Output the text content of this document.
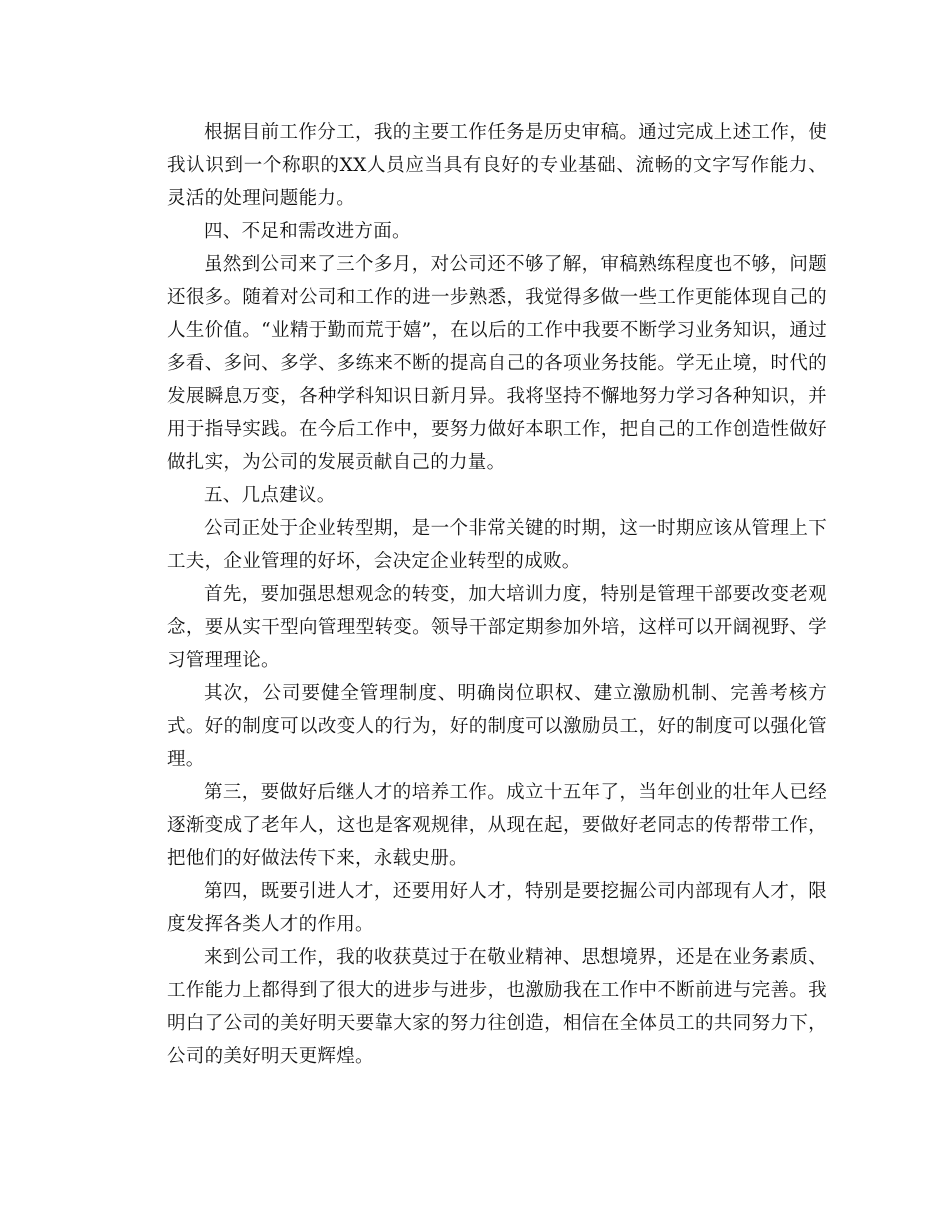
根据目前工作分工，我的主要工作任务是历史审稿。通过完成上述工作，使我认识到一个称职的XX人员应当具有良好的专业基础、流畅的文字写作能力、灵活的处理问题能力。

四、不足和需改进方面。

虽然到公司来了三个多月，对公司还不够了解，审稿熟练程度也不够，问题还很多。随着对公司和工作的进一步熟悉，我觉得多做一些工作更能体现自己的人生价值。“业精于勤而荒于嬉”，在以后的工作中我要不断学习业务知识，通过多看、多问、多学、多练来不断的提高自己的各项业务技能。学无止境，时代的发展瞬息万变，各种学科知识日新月异。我将坚持不懈地努力学习各种知识，并用于指导实践。在今后工作中，要努力做好本职工作，把自己的工作创造性做好做扎实，为公司的发展贡献自己的力量。

五、几点建议。

公司正处于企业转型期，是一个非常关键的时期，这一时期应该从管理上下工夫，企业管理的好坏，会决定企业转型的成败。

首先，要加强思想观念的转变，加大培训力度，特别是管理干部要改变老观念，要从实干型向管理型转变。领导干部定期参加外培，这样可以开阔视野、学习管理理论。

其次，公司要健全管理制度、明确岗位职权、建立激励机制、完善考核方式。好的制度可以改变人的行为，好的制度可以激励员工，好的制度可以强化管理。

第三，要做好后继人才的培养工作。成立十五年了，当年创业的壮年人已经逐渐变成了老年人，这也是客观规律，从现在起，要做好老同志的传帮带工作，把他们的好做法传下来，永载史册。

第四，既要引进人才，还要用好人才，特别是要挖掘公司内部现有人才，限度发挥各类人才的作用。

来到公司工作，我的收获莫过于在敬业精神、思想境界，还是在业务素质、工作能力上都得到了很大的进步与进步，也激励我在工作中不断前进与完善。我明白了公司的美好明天要靠大家的努力往创造，相信在全体员工的共同努力下，公司的美好明天更辉煌。
